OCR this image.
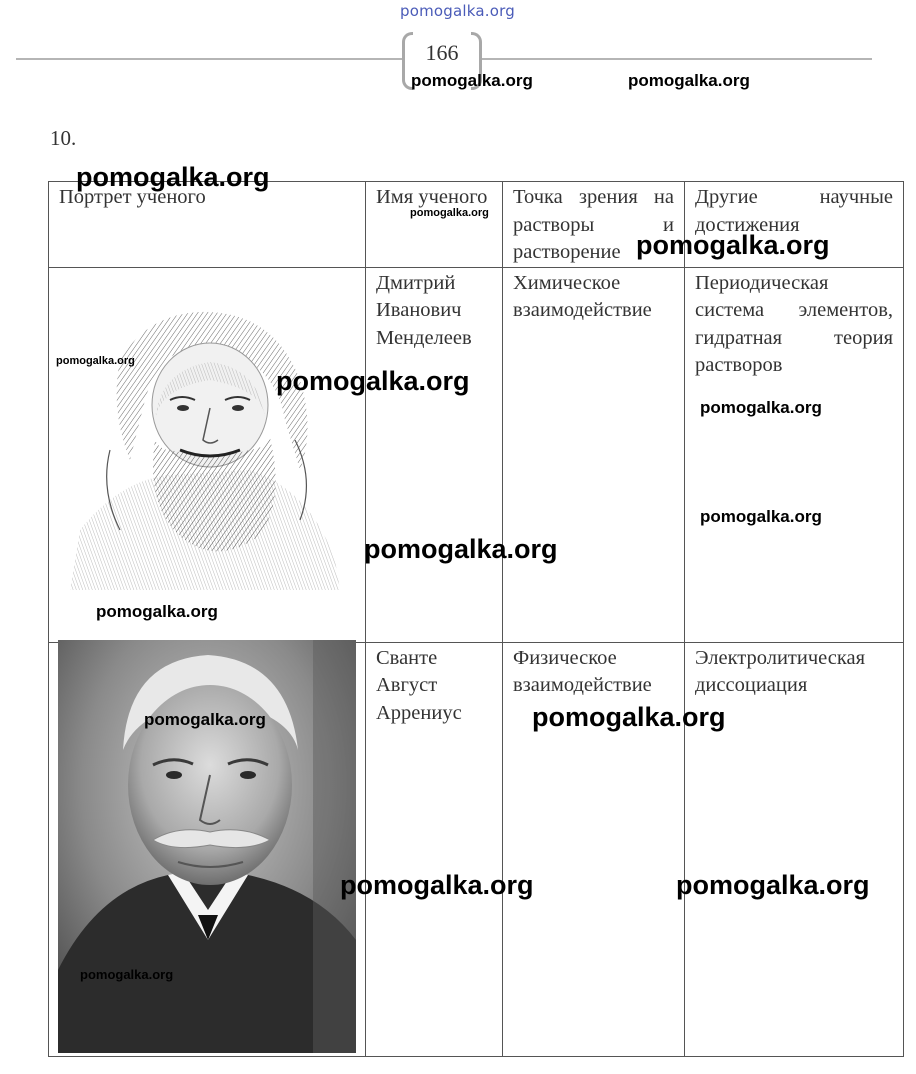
pomogalka.org
166
10.
Портрет ученого	Имя ученого	Точка зрения на растворы и растворение	Другие научные достижения
	Дмитрий Иванович Менделеев	Химическое взаимодействие	Периодическая система элементов, гидратная теория растворов
	Сванте Август Аррениус	Физическое взаимодействие	Электролитическая диссоциация
pomogalka.org
pomogalka.org
pomogalka.org
pomogalka.org	pomogalka.org
pomogalka.org
pomogalka.org
pomogalka.org
pomogalka.org
pomogalka.org
pomogalka.org
pomogalka.org	pomogalka.org
pomogalka.org	pomogalka.org
pomogalka.org
